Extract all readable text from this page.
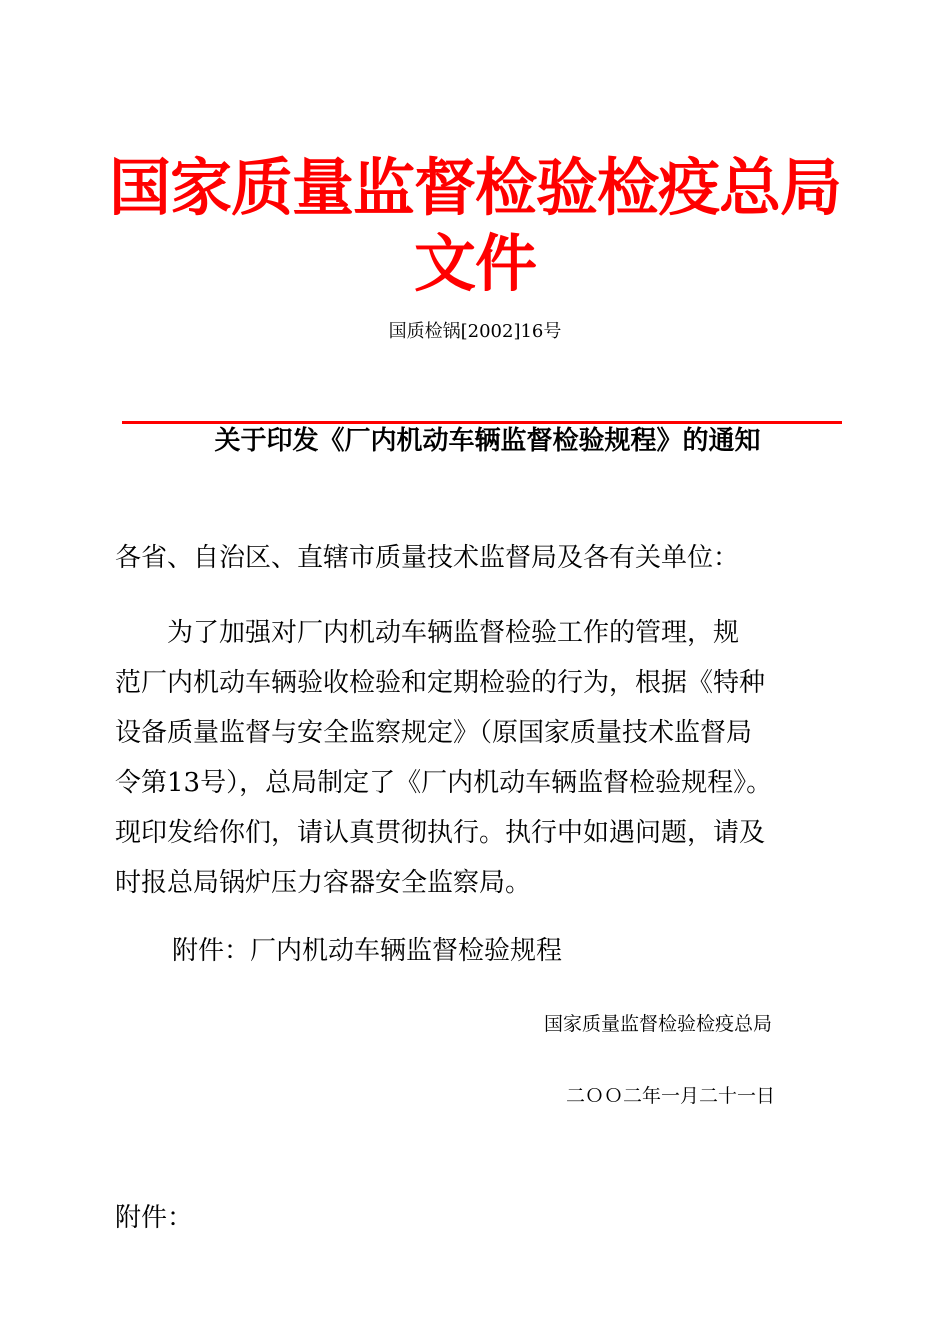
国家质量监督检验检疫总局文件
国质检锅[2002]16号
关于印发《厂内机动车辆监督检验规程》的通知
各省、自治区、直辖市质量技术监督局及各有关单位：
　　为了加强对厂内机动车辆监督检验工作的管理，规
范厂内机动车辆验收检验和定期检验的行为，根据《特种
设备质量监督与安全监察规定》（原国家质量技术监督局
令第13号），总局制定了《厂内机动车辆监督检验规程》。
现印发给你们，请认真贯彻执行。执行中如遇问题，请及
时报总局锅炉压力容器安全监察局。
附件：厂内机动车辆监督检验规程
国家质量监督检验检疫总局
二ＯＯ二年一月二十一日
附件：
